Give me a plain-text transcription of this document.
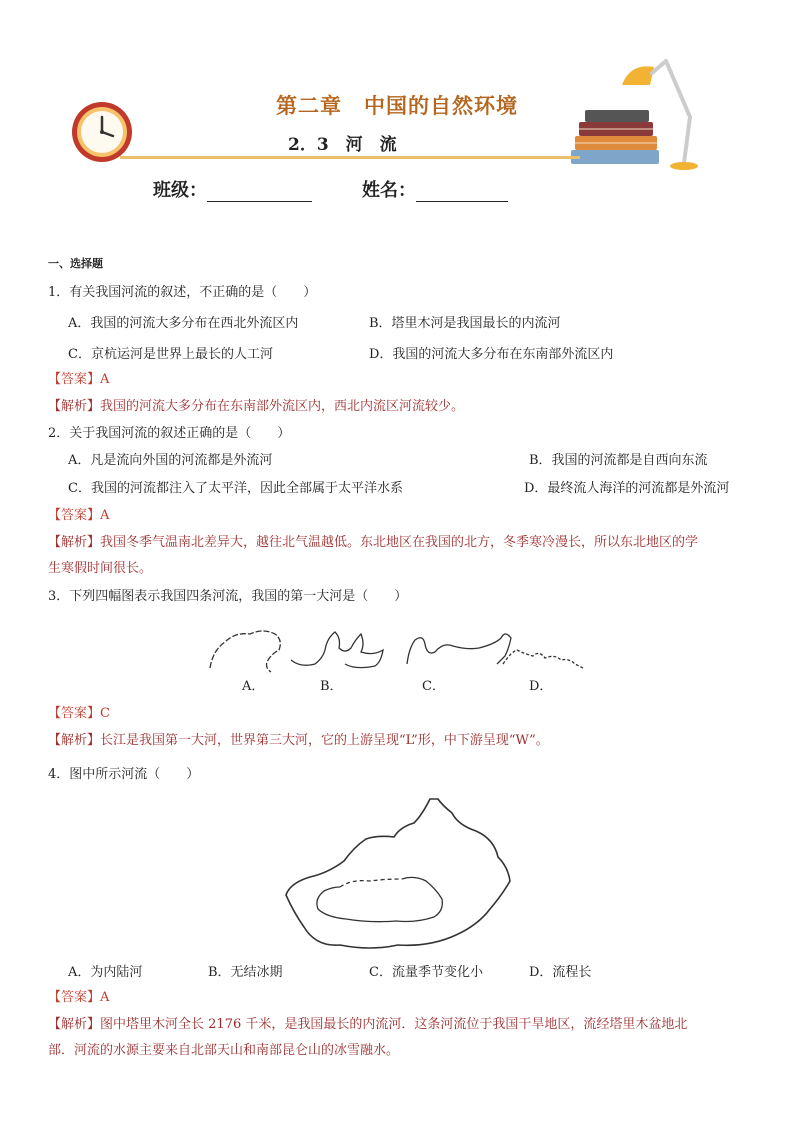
第二章　中国的自然环境
2．3　河　流
班级：	姓名：
一、选择题
1．有关我国河流的叙述，不正确的是（　　）
A．我国的河流大多分布在西北外流区内	B．塔里木河是我国最长的内流河
C．京杭运河是世界上最长的人工河	D．我国的河流大多分布在东南部外流区内
【答案】A
【解析】我国的河流大多分布在东南部外流区内，西北内流区河流较少。
2．关于我国河流的叙述正确的是（　　）
A．凡是流向外国的河流都是外流河	B．我国的河流都是自西向东流
C．我国的河流都注入了太平洋，因此全部属于太平洋水系	D．最终流人海洋的河流都是外流河
【答案】A
【解析】我国冬季气温南北差异大，越往北气温越低。东北地区在我国的北方，冬季寒冷漫长，所以东北地区的学
生寒假时间很长。
3．下列四幅图表示我国四条河流，我国的第一大河是（　　）
A．	B．	C．	D．
【答案】C
【解析】长江是我国第一大河，世界第三大河，它的上游呈现“L”形，中下游呈现“W”。
4．图中所示河流（　　）
A．为内陆河	B．无结冰期	C．流量季节变化小	D．流程长
【答案】A
【解析】图中塔里木河全长 2176 千米，是我国最长的内流河．这条河流位于我国干旱地区，流经塔里木盆地北
部．河流的水源主要来自北部天山和南部昆仑山的冰雪融水。
